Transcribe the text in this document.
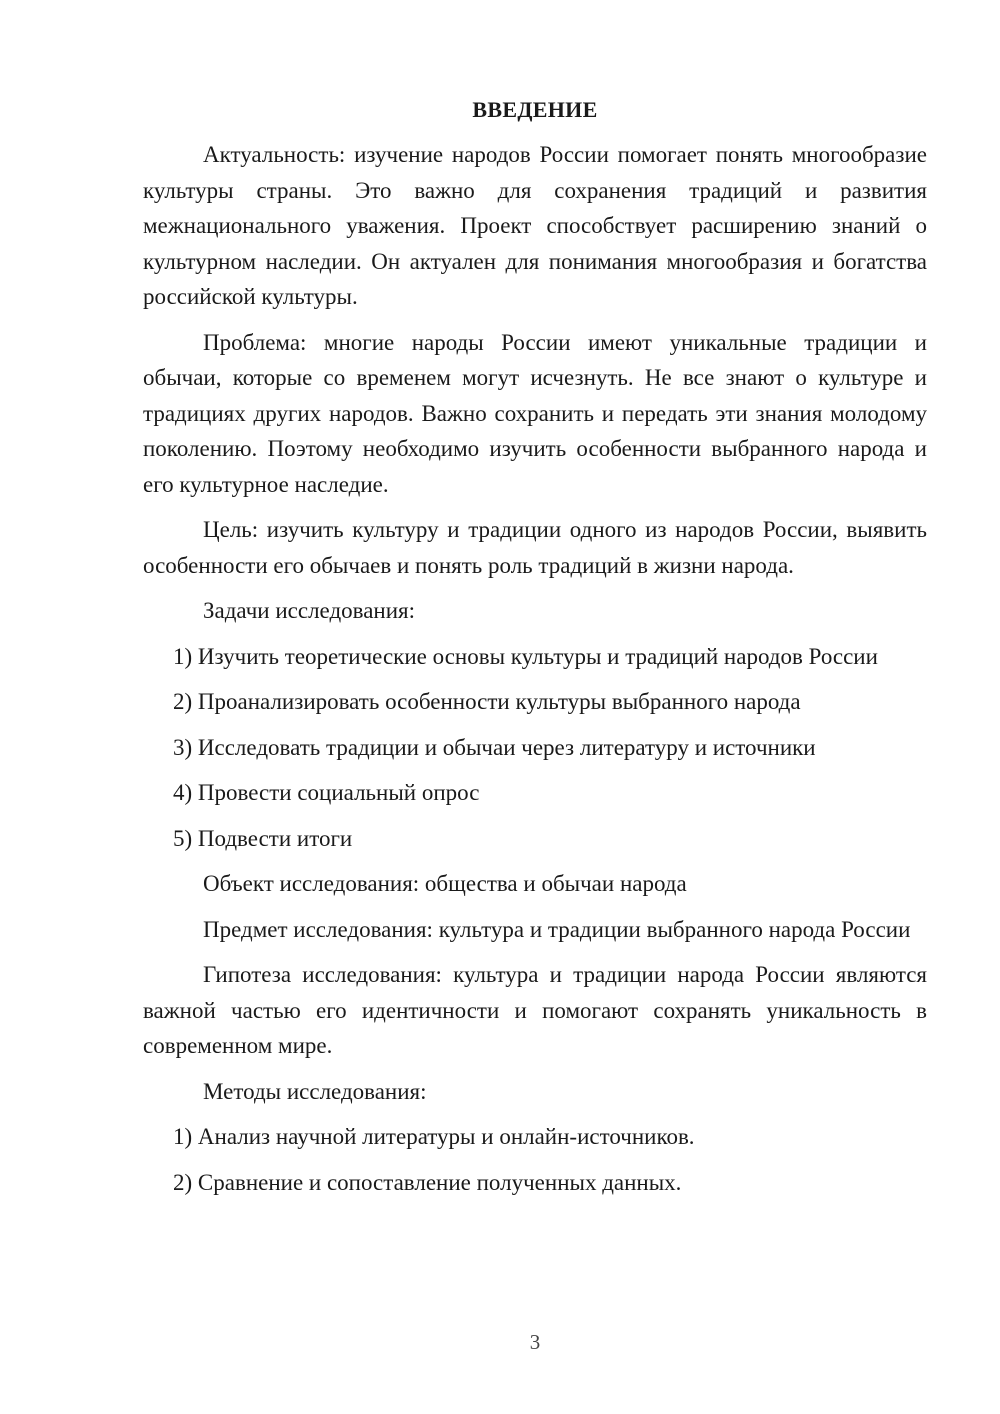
ВВЕДЕНИЕ

Актуальность: изучение народов России помогает понять многообразие культуры страны. Это важно для сохранения традиций и развития межнационального уважения. Проект способствует расширению знаний о культурном наследии. Он актуален для понимания многообразия и богатства российской культуры.

Проблема: многие народы России имеют уникальные традиции и обычаи, которые со временем могут исчезнуть. Не все знают о культуре и традициях других народов. Важно сохранить и передать эти знания молодому поколению. Поэтому необходимо изучить особенности выбранного народа и его культурное наследие.

Цель: изучить культуру и традиции одного из народов России, выявить особенности его обычаев и понять роль традиций в жизни народа.

Задачи исследования:

1) Изучить теоретические основы культуры и традиций народов России

2) Проанализировать особенности культуры выбранного народа

3) Исследовать традиции и обычаи через литературу и источники

4) Провести социальный опрос

5) Подвести итоги

Объект исследования: общества и обычаи народа

Предмет исследования: культура и традиции выбранного народа России

Гипотеза исследования: культура и традиции народа России являются важной частью его идентичности и помогают сохранять уникальность в современном мире.

Методы исследования:

1) Анализ научной литературы и онлайн-источников.

2) Сравнение и сопоставление полученных данных.

3
